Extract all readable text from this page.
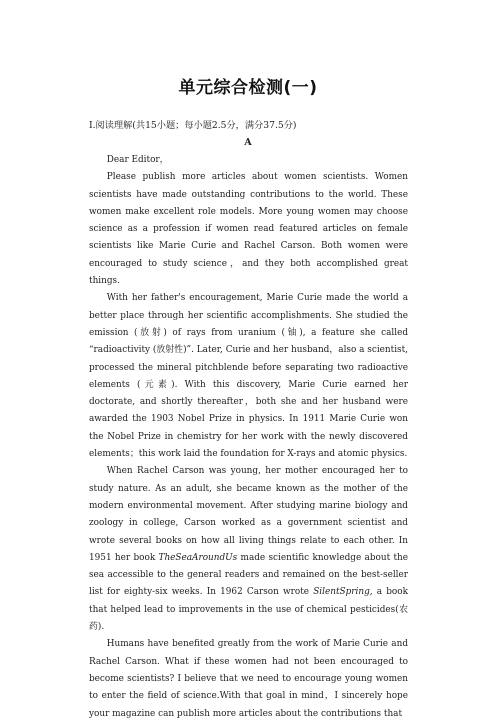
单元综合检测(一)
Ⅰ.阅读理解(共15小题；每小题2.5分，满分37.5分)
A

Dear Editor，

Please publish more articles about women scientists. Women scientists have made outstanding contributions to the world. These women make excellent role models. More young women may choose science as a profession if women read featured articles on female scientists like Marie Curie and Rachel Carson. Both women were encouraged to study science，and they both accomplished great things.

With her father's encouragement, Marie Curie made the world a better place through her scientific accomplishments. She studied the emission (放射) of rays from uranium (铀), a feature she called “radioactivity (放射性)”. Later, Curie and her husband，also a scientist, processed the mineral pitchblende before separating two radioactive elements (元素). With this discovery, Marie Curie earned her doctorate, and shortly thereafter，both she and her husband were awarded the 1903 Nobel Prize in physics. In 1911 Marie Curie won the Nobel Prize in chemistry for her work with the newly discovered elements；this work laid the foundation for X-rays and atomic physics.

When Rachel Carson was young, her mother encouraged her to study nature. As an adult, she became known as the mother of the modern environmental movement. After studying marine biology and zoology in college, Carson worked as a government scientist and wrote several books on how all living things relate to each other. In 1951 her book TheSeaAroundUs made scientific knowledge about the sea accessible to the general readers and remained on the best-seller list for eighty-six weeks. In 1962 Carson wrote SilentSpring, a book that helped lead to improvements in the use of chemical pesticides(农药).

Humans have benefited greatly from the work of Marie Curie and Rachel Carson. What if these women had not been encouraged to become scientists? I believe that we need to encourage young women to enter the field of science.With that goal in mind，I sincerely hope your magazine can publish more articles about the contributions that
